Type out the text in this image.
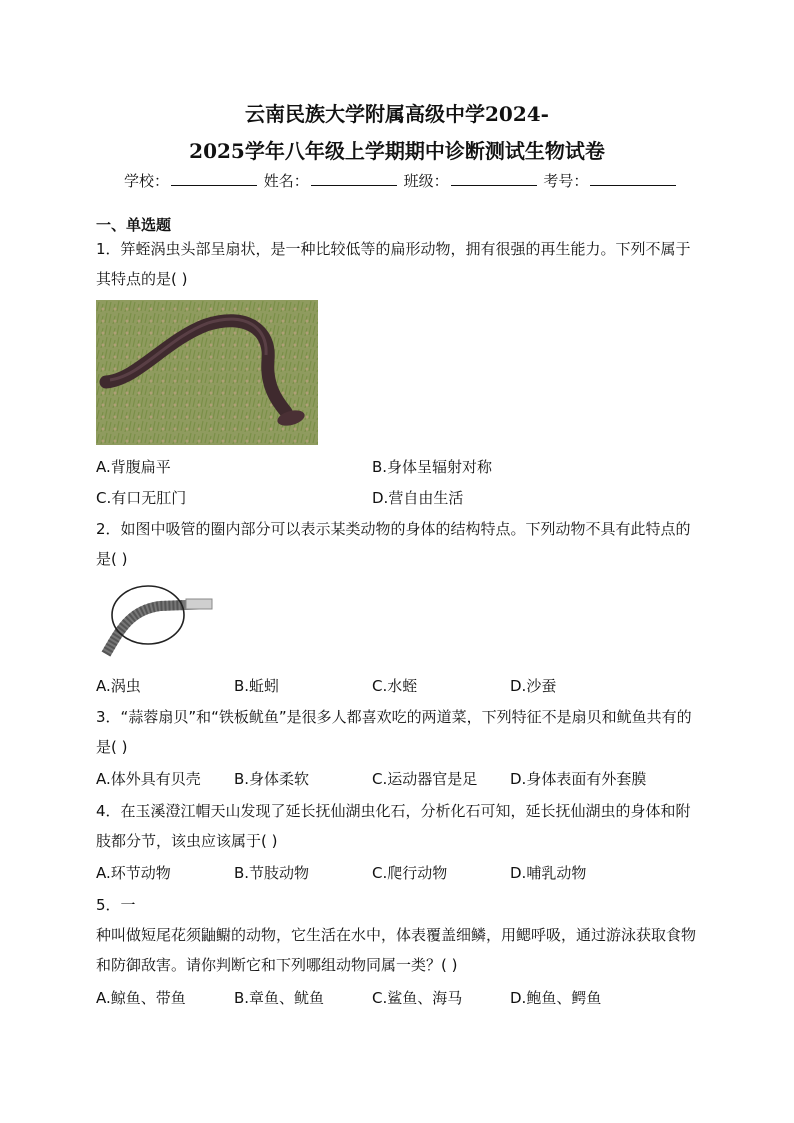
云南民族大学附属高级中学2024-
2025学年八年级上学期期中诊断测试生物试卷
学校：	姓名：	班级：	考号：
一、单选题
1．笄蛭涡虫头部呈扇状，是一种比较低等的扁形动物，拥有很强的再生能力。下列不属于其特点的是( )
A.背腹扁平	B.身体呈辐射对称
C.有口无肛门	D.营自由生活
2．如图中吸管的圈内部分可以表示某类动物的身体的结构特点。下列动物不具有此特点的是( )
A.涡虫	B.蚯蚓	C.水蛭	D.沙蚕
3．“蒜蓉扇贝”和“铁板鱿鱼”是很多人都喜欢吃的两道菜，下列特征不是扇贝和鱿鱼共有的是( )
A.体外具有贝壳 B.身体柔软	C.运动器官是足 D.身体表面有外套膜
4．在玉溪澄江帽天山发现了延长抚仙湖虫化石，分析化石可知，延长抚仙湖虫的身体和附肢都分节，该虫应该属于( )
A.环节动物	B.节肢动物	C.爬行动物	D.哺乳动物
5．一
种叫做短尾花须鼬鳚的动物，它生活在水中，体表覆盖细鳞，用鳃呼吸，通过游泳获取食物和防御敌害。请你判断它和下列哪组动物同属一类？( )
A.鲸鱼、带鱼	B.章鱼、鱿鱼	C.鲨鱼、海马	D.鲍鱼、鳄鱼
